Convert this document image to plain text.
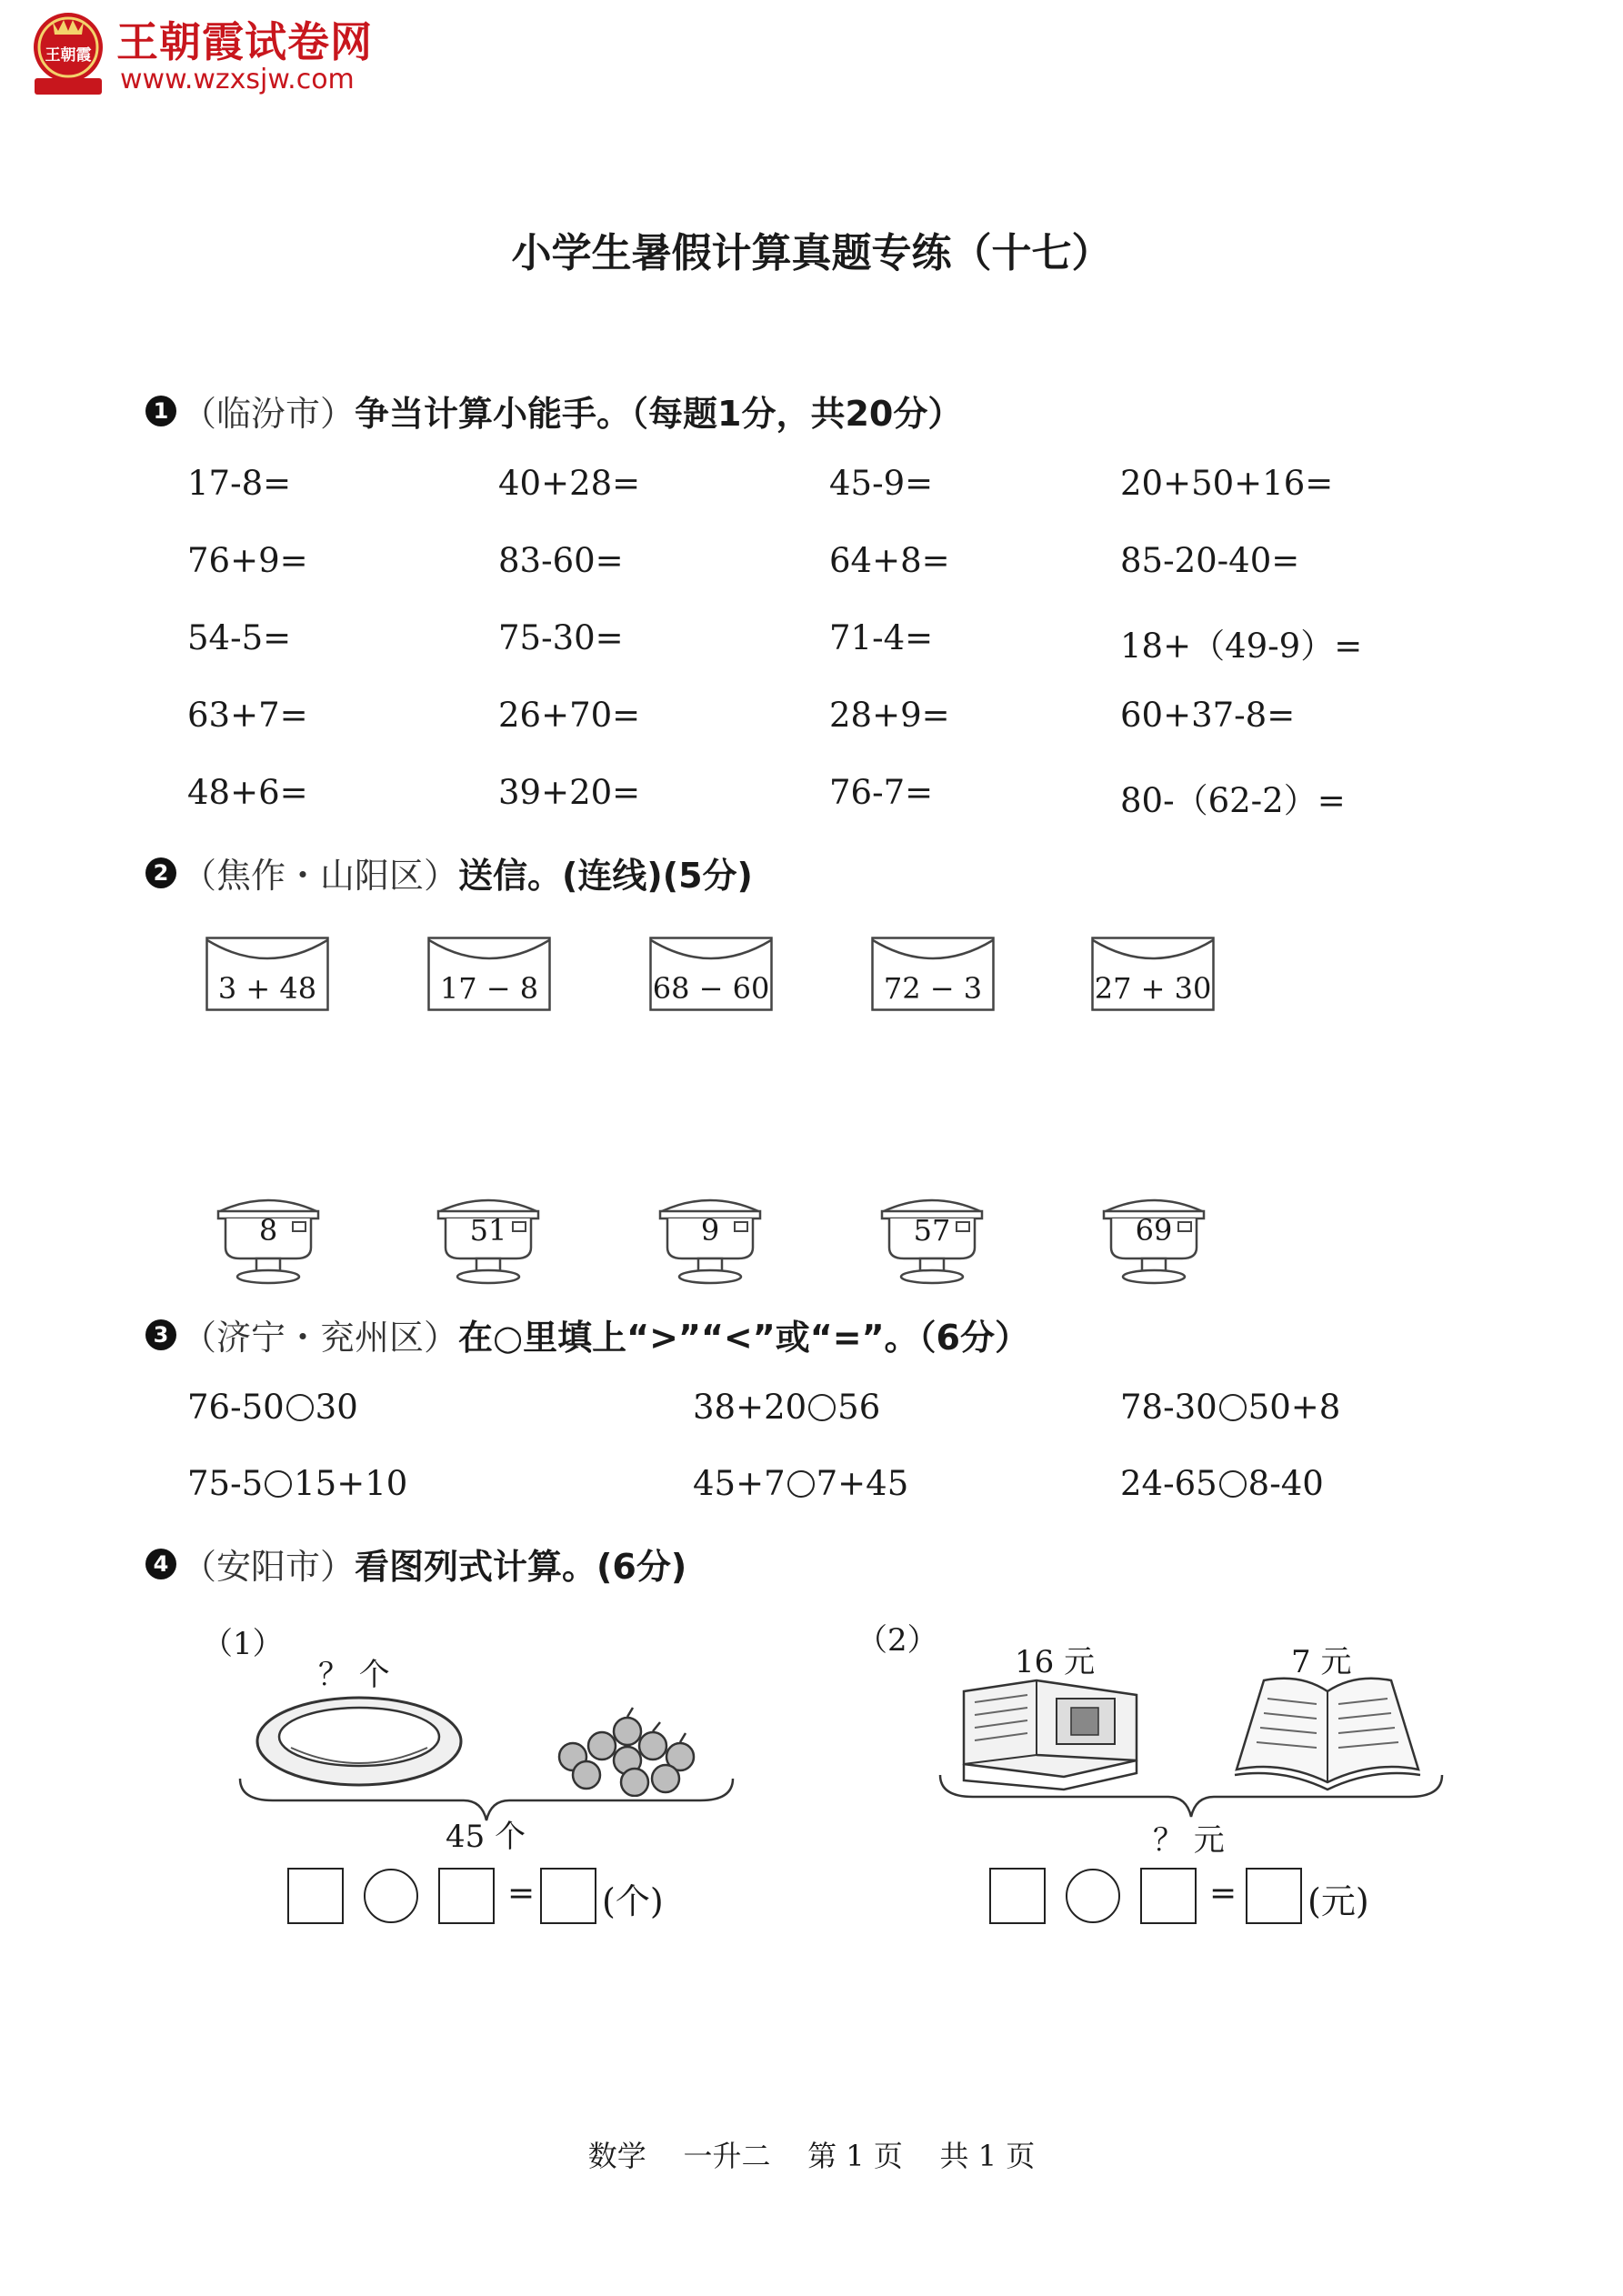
王朝霞 王朝霞试卷网
www.wzxsjw.com
小学生暑假计算真题专练（十七）
1 （临汾市） 争当计算小能手。（每题1分，共20分）
17-8=	40+28=	45-9=	20+50+16=
76+9=	83-60=	64+8=	85-20-40=
54-5=	75-30=	71-4=	18+（49-9）=
63+7=	26+70=	28+9=	60+37-8=
48+6=	39+20=	76-7=	80-（62-2）=
2 （焦作・山阳区） 送信。(连线)(5分)
3 + 48	17 − 8	68 − 60	72 − 3	27 + 30
8	51	9	57	69
3 （济宁・兖州区） 在○里填上“>”“<”或“=”。（6分）
76-50 30	38+20 56	78-30 50+8
75-5 15+10	45+7 7+45	24-65 8-40
4 （安阳市） 看图列式计算。(6分)
（1）
？ 个
45 个
= (个)
（2）
16 元	7 元
？ 元
= (元)
数学    一升二    第 1 页    共 1 页
